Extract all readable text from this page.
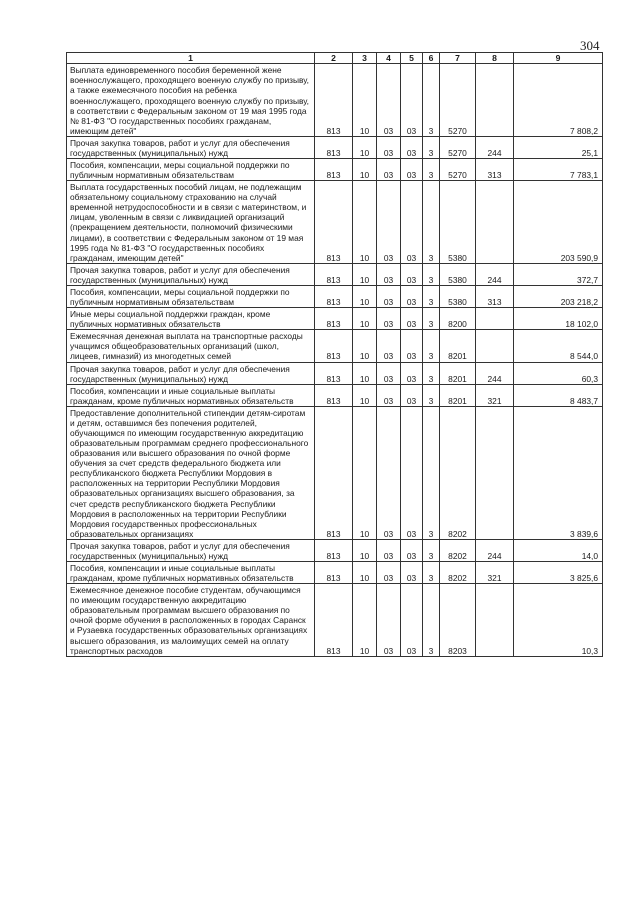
304
1	2	3	4	5	6	7	8	9
Выплата единовременного пособия беременной жене военнослужащего, проходящего военную службу по призыву, а также ежемесячного пособия на ребенка военнослужащего, проходящего военную службу по призыву, в соответствии с Федеральным законом от 19 мая 1995 года № 81-ФЗ "О государственных пособиях гражданам, имеющим детей"	813	10	03	03	3	5270		7 808,2
Прочая закупка товаров, работ и услуг для обеспечения государственных (муниципальных) нужд	813	10	03	03	3	5270	244	25,1
Пособия, компенсации, меры социальной поддержки по публичным нормативным обязательствам	813	10	03	03	3	5270	313	7 783,1
Выплата государственных пособий лицам, не подлежащим обязательному социальному страхованию на случай временной нетрудоспособности и в связи с материнством, и лицам, уволенным в связи с ликвидацией организаций (прекращением деятельности, полномочий физическими лицами), в соответствии с Федеральным законом от 19 мая 1995 года № 81-ФЗ "О государственных пособиях гражданам, имеющим детей"	813	10	03	03	3	5380		203 590,9
Прочая закупка товаров, работ и услуг для обеспечения государственных (муниципальных) нужд	813	10	03	03	3	5380	244	372,7
Пособия, компенсации, меры социальной поддержки по публичным нормативным обязательствам	813	10	03	03	3	5380	313	203 218,2
Иные меры социальной поддержки граждан, кроме публичных нормативных обязательств	813	10	03	03	3	8200		18 102,0
Ежемесячная денежная выплата на транспортные расходы учащимся общеобразовательных организаций (школ, лицеев, гимназий) из многодетных семей	813	10	03	03	3	8201		8 544,0
Прочая закупка товаров, работ и услуг для обеспечения государственных (муниципальных) нужд	813	10	03	03	3	8201	244	60,3
Пособия, компенсации и иные социальные выплаты гражданам, кроме публичных нормативных обязательств	813	10	03	03	3	8201	321	8 483,7
Предоставление дополнительной стипендии детям-сиротам и детям, оставшимся без попечения родителей, обучающимся по имеющим государственную аккредитацию образовательным программам среднего профессионального образования или высшего образования по очной форме обучения за счет средств федерального бюджета или республиканского бюджета Республики Мордовия в расположенных на территории Республики Мордовия образовательных организациях высшего образования, за счет средств республиканского бюджета Республики Мордовия в расположенных на территории Республики Мордовия государственных профессиональных образовательных организациях	813	10	03	03	3	8202		3 839,6
Прочая закупка товаров, работ и услуг для обеспечения государственных (муниципальных) нужд	813	10	03	03	3	8202	244	14,0
Пособия, компенсации и иные социальные выплаты гражданам, кроме публичных нормативных обязательств	813	10	03	03	3	8202	321	3 825,6
Ежемесячное денежное пособие студентам, обучающимся по имеющим государственную аккредитацию образовательным программам высшего образования по очной форме обучения в расположенных в городах Саранск и Рузаевка государственных образовательных организациях высшего образования, из малоимущих семей на оплату транспортных расходов	813	10	03	03	3	8203		10,3
